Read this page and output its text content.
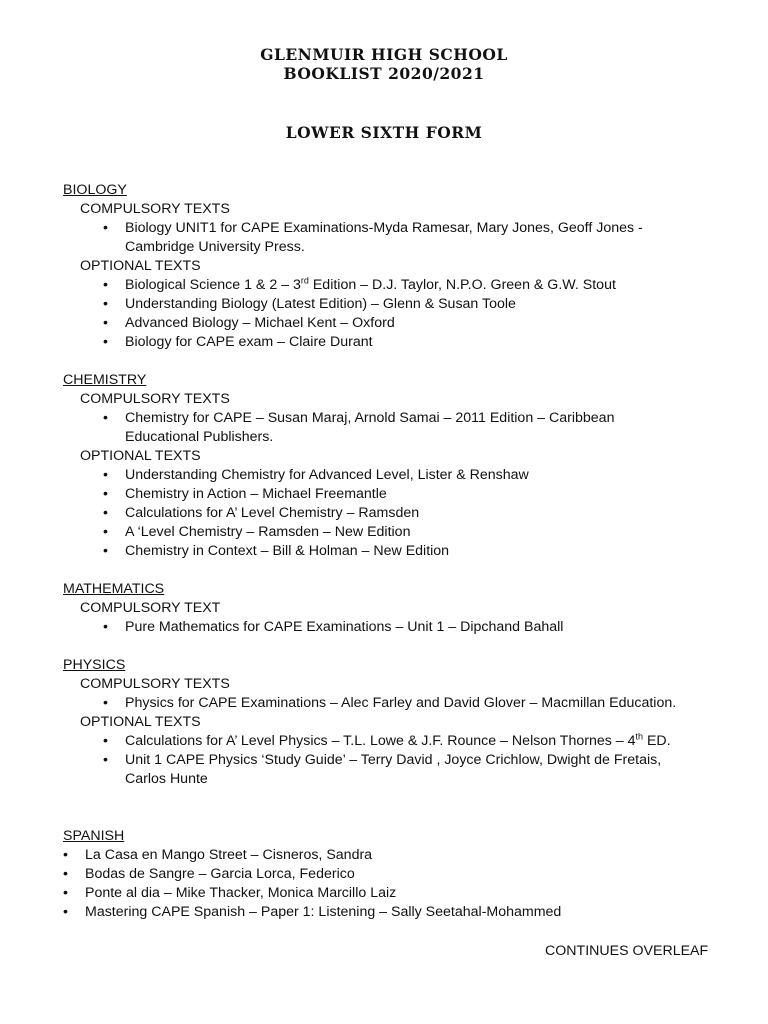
GLENMUIR HIGH SCHOOL
BOOKLIST 2020/2021
LOWER SIXTH FORM
BIOLOGY
COMPULSORY TEXTS
• Biology UNIT1 for CAPE Examinations-Myda Ramesar, Mary Jones, Geoff Jones - Cambridge University Press.
OPTIONAL TEXTS
• Biological Science 1 & 2 – 3rd Edition – D.J. Taylor, N.P.O. Green & G.W. Stout
• Understanding Biology (Latest Edition) – Glenn & Susan Toole
• Advanced Biology – Michael Kent – Oxford
• Biology for CAPE exam – Claire Durant
CHEMISTRY
COMPULSORY TEXTS
• Chemistry for CAPE – Susan Maraj, Arnold Samai – 2011 Edition – Caribbean Educational Publishers.
OPTIONAL TEXTS
• Understanding Chemistry for Advanced Level, Lister & Renshaw
• Chemistry in Action – Michael Freemantle
• Calculations for A’ Level Chemistry – Ramsden
• A ‘Level Chemistry – Ramsden – New Edition
• Chemistry in Context – Bill & Holman – New Edition
MATHEMATICS
COMPULSORY TEXT
• Pure Mathematics for CAPE Examinations – Unit 1 – Dipchand Bahall
PHYSICS
COMPULSORY TEXTS
• Physics for CAPE Examinations – Alec Farley and David Glover – Macmillan Education.
OPTIONAL TEXTS
• Calculations for A’ Level Physics – T.L. Lowe & J.F. Rounce – Nelson Thornes – 4th ED.
• Unit 1 CAPE Physics ‘Study Guide’ – Terry David , Joyce Crichlow, Dwight de Fretais, Carlos Hunte
SPANISH
• La Casa en Mango Street – Cisneros, Sandra
• Bodas de Sangre – Garcia Lorca, Federico
• Ponte al dia – Mike Thacker, Monica Marcillo Laiz
• Mastering CAPE Spanish – Paper 1: Listening – Sally Seetahal-Mohammed
CONTINUES OVERLEAF
